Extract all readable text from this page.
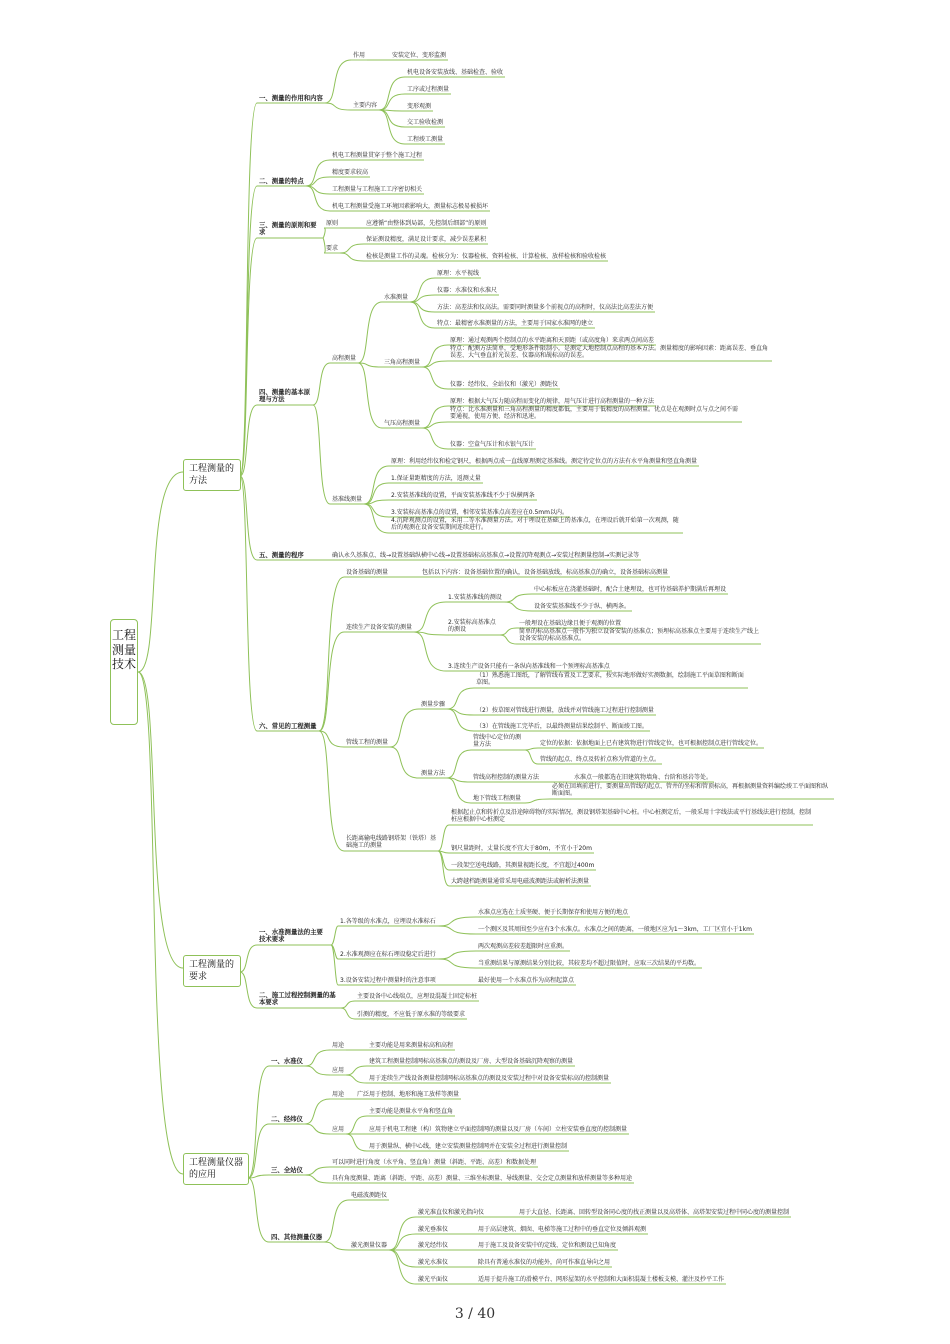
工程测量技术
工程测量的方法
工程测量的要求
工程测量仪器的应用
一、测量的作用和内容
作用	安装定位、变形监测
主要内容
机电设备安装放线、基础检查、验收
工序或过程测量
变形观测
交工验收检测
工程竣工测量
二、测量的特点
机电工程测量贯穿于整个施工过程
精度要求较高
工程测量与工程施工工序密切相关
机电工程测量受施工环境因素影响大，测量标志极易被损坏
三、测量的原则和要求
原则	应遵循“由整体到局部，先控制后细部”的原则
要求
保证测设精度，满足设计要求，减少误差累积
检核是测量工作的灵魂。检核分为：仪器检核、资料检核、计算检核、放样检核和验收检核
四、测量的基本原理与方法
高程测量
水准测量
原理：水平视线
仪器：水准仪和水准尺
方法：高差法和仪高法。需要同时测量多个前视点的高程时，仪高法比高差法方便
特点：最精密水准测量的方法，主要用于国家水准网的建立
三角高程测量
原理：通过观测两个控制点的水平距离和天顶距（或高度角）来求两点间高差
特点：配测方法简单，受地形条件限制小，是测定大地控制点高程的基本方法。测量精度的影响因素：距离误差、垂直角误差、大气垂直折光误差、仪器高和觇标高的误差。
仪器：经纬仪、全站仪和（激光）测距仪
气压高程测量
原理：根据大气压力随高程而变化的规律，用气压计进行高程测量的一种方法
特点：比水准测量和三角高程测量的精度都低，主要用于低精度的高程测量。优点是在观测时点与点之间不需要通视，使用方便、经济和迅速。
仪器：空盒气压计和水银气压计
基准线测量
原理：利用经纬仪和检定钢尺，根据两点成一直线原理测定基准线。测定待定位点的方法有水平角测量和竖直角测量
1.保证量距精度的方法，返测丈量
2.安装基准线的设置，平面安装基准线不少于纵横两条
3.安装标高基准点的设置，相邻安装基准点高差应在0.5mm以内。
4.沉降观测点的设置，采用二等水准测量方法。对于埋设在基础上的基准点，在埋设后就开始第一次观测，随后的观测在设备安装期间连续进行。
五、测量的程序	确认永久基准点、线→设置基础纵横中心线→设置基础标高基准点→设置沉降观测点→安装过程测量控制→实测记录等
六、常见的工程测量
设备基础的测量	包括以下内容：设备基础位置的确认，设备基础放线，标高基准点的确立，设备基础标高测量
连续生产设备安装的测量
1.安装基准线的测设
中心标板应在浇灌基础时，配合土建埋设，也可待基础养护期满后再埋设
设备安装基准线不少于纵、横两条。
2.安装标高基准点的测设
一般埋设在基础边缘且便于观测的位置
简单的标高基准点一般作为独立设备安装的基准点；预埋标高基准点主要用于连续生产线上设备安装的标高基准点。
3.连续生产设备只能有一条纵向基准线和一个预埋标高基准点
管线工程的测量
测量步骤
（1）熟悉施工图纸，了解管线布置及工艺要求，按实际地形做好实测数据，绘制施工平面草图和断面草图。
（2）按草图对管线进行测量，放线并对管线施工过程进行控制测量
（3）在管线施工完毕后，以最终测量结果绘制平、断面竣工图。
测量方法
管线中心定位的测量方法	定位的依据：依据地面上已有建筑物进行管线定位，也可根据控制点进行管线定位。
管线的起点、终点及转折点称为管道的主点。
管线高程控制的测量方法	水准点一般都选在旧建筑物墙角、台阶和基岩等处。
地下管线工程测量
必须在回填前进行，要测量出管线的起点、管井的坐标和管顶标高，再根据测量资料编绘竣工平面图和纵断面图。
长距离输电线路钢塔架（铁塔）基础施工的测量
根据起止点和转折点及沿途障碍物的实际情况，测设钢塔架基础中心桩。中心桩测定后，一般采用十字线法或平行基线法进行控制，控制桩应根据中心桩测定
钢尺量距时，丈量长度不宜大于80m，不宜小于20m
一段架空送电线路，其测量视距长度，不宜超过400m
大跨越档距测量通常采用电磁波测距法或解析法测量
一、水准测量法的主要技术要求
1.各等级的水准点，应埋设水准标石
水准点应选在土质坚硬、便于长期保存和使用方便的地点
一个测区及其周围至少应有3个水准点。水准点之间的距离，一般地区应为1～3km，工厂区宜小于1km
2.水准观测应在标石埋设稳定后进行
两次观测高差较差超限时应重测。
当重测结果与原测结果分别比较，其较差均不超过限值时，应取三次结果的平均数。
3.设备安装过程中测量时的注意事项	最好使用一个水准点作为高程起算点
二、施工过程控制测量的基本要求
主要设备中心线端点，应埋设混凝土固定标桩
引测的精度，不应低于原水准的等级要求
一、水准仪
用途	主要功能是用来测量标高和高程
应用
建筑工程测量控制网标高基准点的测设及厂房、大型设备基础沉降观察的测量
用于连续生产线设备测量控制网标高基准点的测设及安装过程中对设备安装标高的控制测量
二、经纬仪
用途 广泛用于控制、地形和施工放样等测量
应用
主要功能是测量水平角和竖直角
应用于机电工程建（构）筑物建立平面控制网的测量以及厂房（车间）立柱安装垂直度的控制测量
用于测量纵、横中心线，建立安装测量控制网并在安装全过程进行测量控制
三、全站仪
可以同时进行角度（水平角、竖直角）测量（斜距、平距、高差）和数据处理
具有角度测量、距离（斜距、平距、高差）测量、三维坐标测量、导线测量、交会定点测量和放样测量等多种用途
四、其他测量仪器
电磁波测距仪
激光测量仪器
激光准直仪和激光指向仪	用于大直径、长距离、回转型设备同心度的找正测量以及高塔体、高塔架安装过程中同心度的测量控制
激光垂准仪	用于高层建筑、烟囱、电梯等施工过程中的垂直定位及倾斜观测
激光经纬仪	用于施工及设备安装中的定线、定位和测设已知角度
激光水准仪	除具有普通水准仪的功能外，尚可作准直导向之用
激光平面仪	适用于提升施工的滑模平台、网形屋架的水平控制和大面积混凝土楼板支模、灌注及抄平工作
3 / 40
